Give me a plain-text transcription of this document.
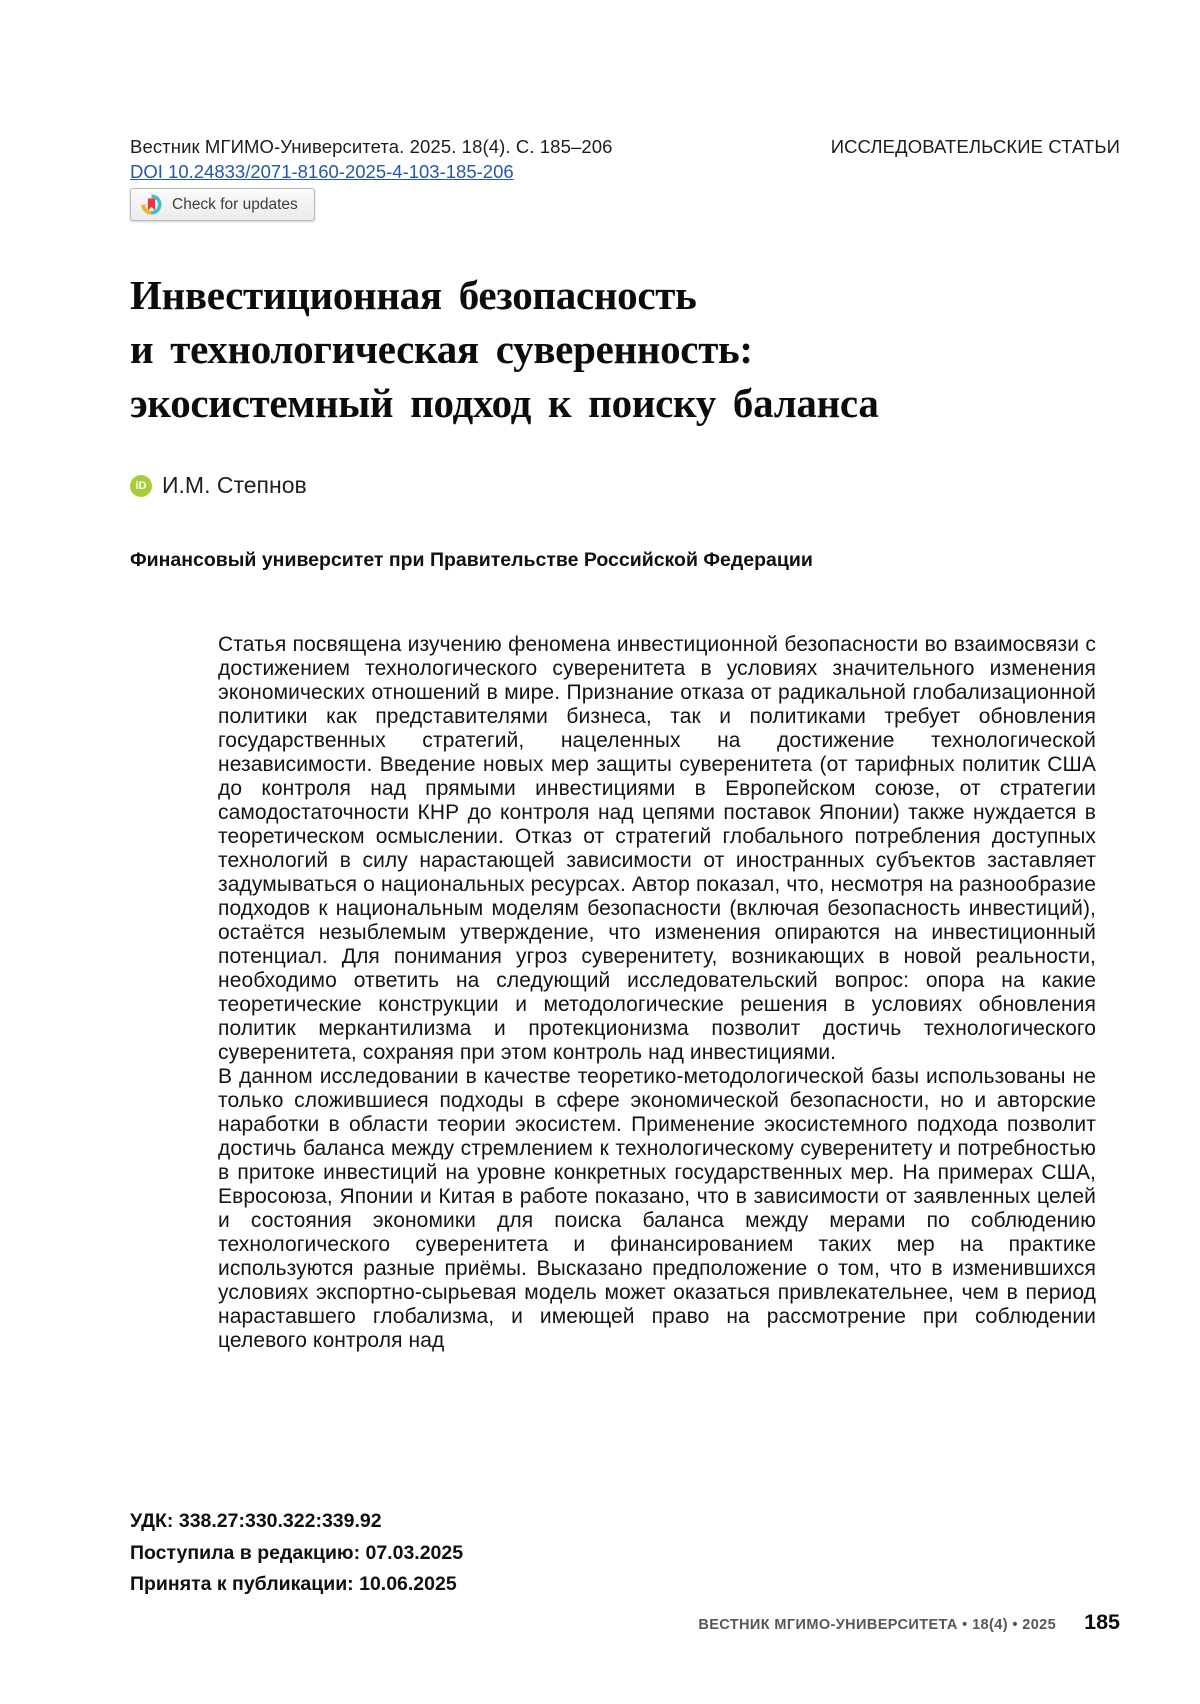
Вестник МГИМО-Университета. 2025. 18(4). С. 185–206	ИССЛЕДОВАТЕЛЬСКИЕ СТАТЬИ
DOI 10.24833/2071-8160-2025-4-103-185-206
Check for updates
Инвестиционная безопасность
и технологическая суверенность:
экосистемный подход к поиску баланса
iD И.М. Степнов
Финансовый университет при Правительстве Российской Федерации

Статья посвящена изучению феномена инвестиционной безопасности во взаимосвязи с достижением технологического суверенитета в условиях значительного изменения экономических отношений в мире. Признание отказа от радикальной глобализационной политики как представителями бизнеса, так и политиками требует обновления государственных стратегий, нацеленных на достижение технологической независимости. Введение новых мер защиты суверенитета (от тарифных политик США до контроля над прямыми инвестициями в Европейском союзе, от стратегии самодостаточности КНР до контроля над цепями поставок Японии) также нуждается в теоретическом осмыслении. Отказ от стратегий глобального потребления доступных технологий в силу нарастающей зависимости от иностранных субъектов заставляет задумываться о национальных ресурсах. Автор показал, что, несмотря на разнообразие подходов к национальным моделям безопасности (включая безопасность инвестиций), остаётся незыблемым утверждение, что изменения опираются на инвестиционный потенциал. Для понимания угроз суверенитету, возникающих в новой реальности, необходимо ответить на следующий исследовательский вопрос: опора на какие теоретические конструкции и методологические решения в условиях обновления политик меркантилизма и протекционизма позволит достичь технологического суверенитета, сохраняя при этом контроль над инвестициями.

В данном исследовании в качестве теоретико-методологической базы использованы не только сложившиеся подходы в сфере экономической безопасности, но и авторские наработки в области теории экосистем. Применение экосистемного подхода позволит достичь баланса между стремлением к технологическому суверенитету и потребностью в притоке инвестиций на уровне конкретных государственных мер. На примерах США, Евросоюза, Японии и Китая в работе показано, что в зависимости от заявленных целей и состояния экономики для поиска баланса между мерами по соблюдению технологического суверенитета и финансированием таких мер на практике используются разные приёмы. Высказано предположение о том, что в изменившихся условиях экспортно-сырьевая модель может оказаться привлекательнее, чем в период нараставшего глобализма, и имеющей право на рассмотрение при соблюдении целевого контроля над

УДК: 338.27:330.322:339.92
Поступила в редакцию: 07.03.2025
Принята к публикации: 10.06.2025
ВЕСТНИК МГИМО-УНИВЕРСИТЕТА • 18(4) • 2025 185
